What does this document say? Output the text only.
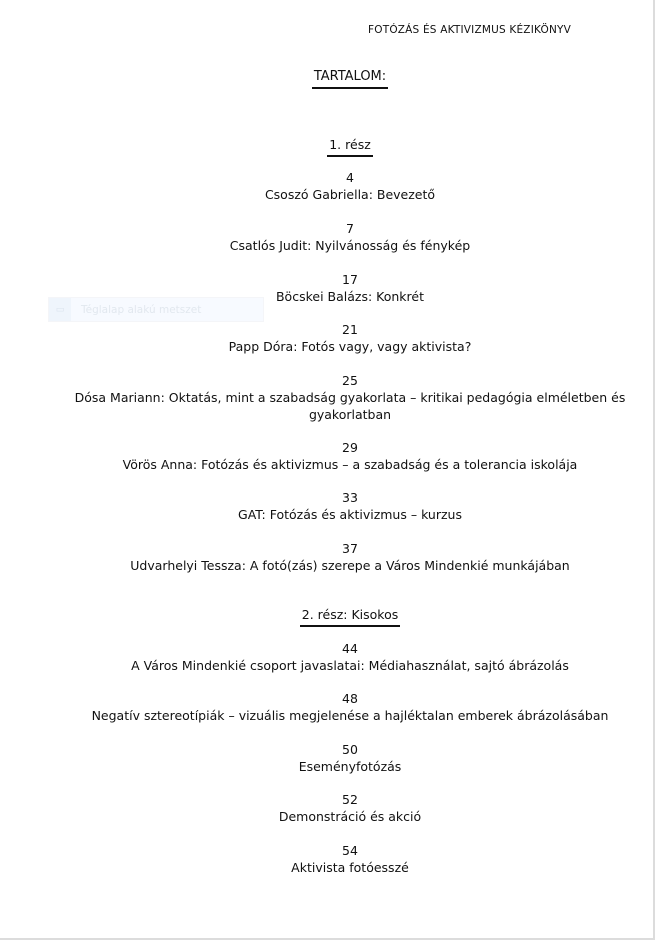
FOTÓZÁS ÉS AKTIVIZMUS KÉZIKÖNYV
TARTALOM:
1. rész
4
Csoszó Gabriella: Bevezető
7
Csatlós Judit: Nyilvánosság és fénykép
17
Böcskei Balázs: Konkrét
21
Papp Dóra: Fotós vagy, vagy aktivista?
25
Dósa Mariann: Oktatás, mint a szabadság gyakorlata – kritikai pedagógia elméletben és gyakorlatban
29
Vörös Anna: Fotózás és aktivizmus – a szabadság és a tolerancia iskolája
33
GAT: Fotózás és aktivizmus – kurzus
37
Udvarhelyi Tessza: A fotó(zás) szerepe a Város Mindenkié munkájában
2. rész: Kisokos
44
A Város Mindenkié csoport javaslatai: Médiahasználat, sajtó ábrázolás
48
Negatív sztereotípiák – vizuális megjelenése a hajléktalan emberek ábrázolásában
50
Eseményfotózás
52
Demonstráció és akció
54
Aktivista fotóesszé
▭	Téglalap alakú metszet
